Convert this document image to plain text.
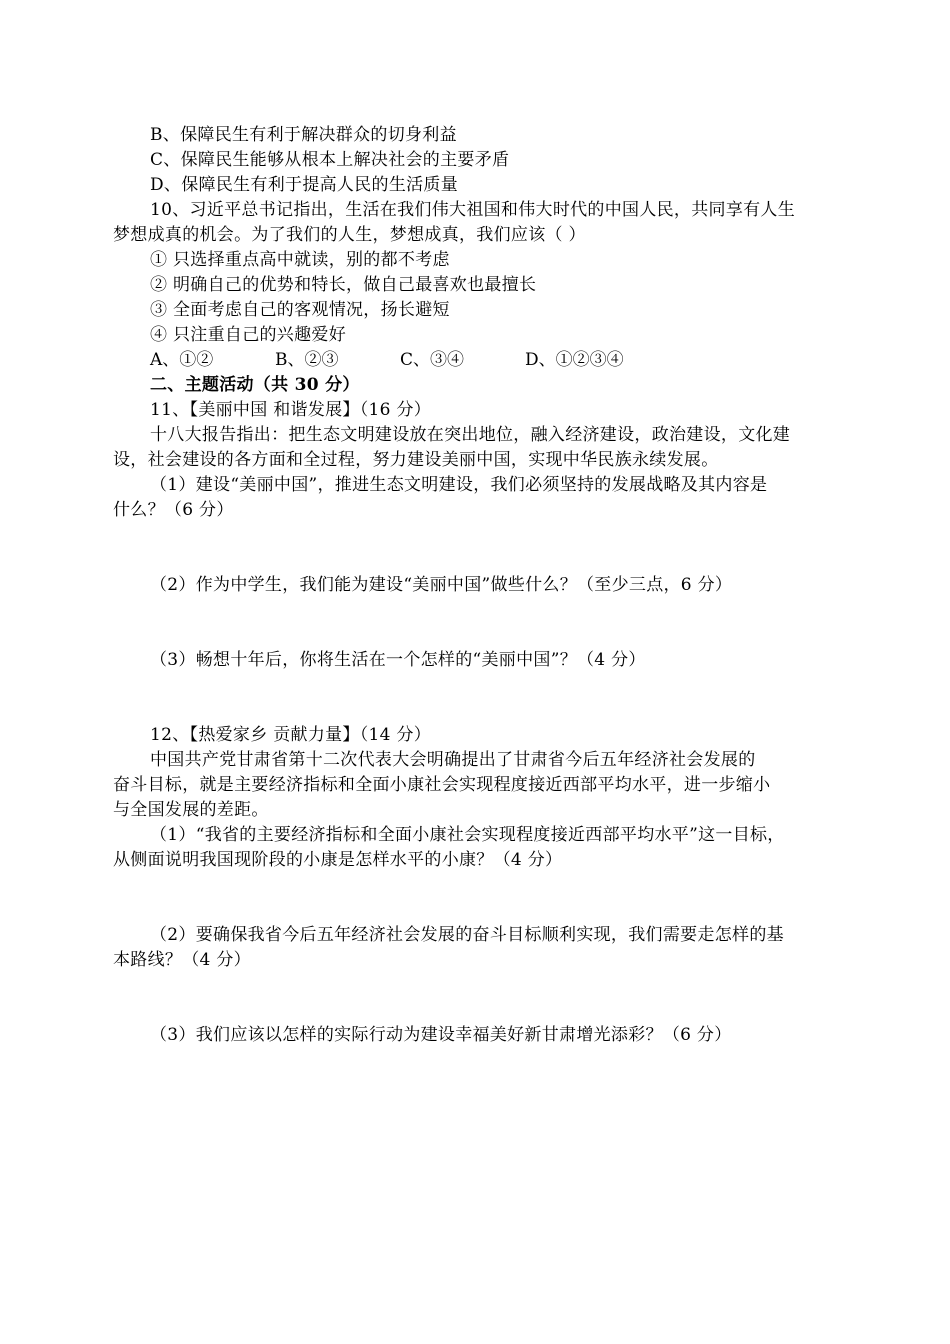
B、保障民生有利于解决群众的切身利益
C、保障民生能够从根本上解决社会的主要矛盾
D、保障民生有利于提高人民的生活质量
10、习近平总书记指出，生活在我们伟大祖国和伟大时代的中国人民，共同享有人生
梦想成真的机会。为了我们的人生，梦想成真，我们应该（ ）
① 只选择重点高中就读，别的都不考虑
② 明确自己的优势和特长，做自己最喜欢也最擅长
③ 全面考虑自己的客观情况，扬长避短
④ 只注重自己的兴趣爱好
A、①②	B、②③	C、③④	D、①②③④
二、主题活动（共 30 分）
11、【美丽中国 和谐发展】（16 分）
十八大报告指出：把生态文明建设放在突出地位，融入经济建设，政治建设，文化建
设，社会建设的各方面和全过程，努力建设美丽中国，实现中华民族永续发展。
（1）建设“美丽中国”，推进生态文明建设，我们必须坚持的发展战略及其内容是
什么？（6 分）
（2）作为中学生，我们能为建设“美丽中国”做些什么？（至少三点，6 分）
（3）畅想十年后，你将生活在一个怎样的“美丽中国”？（4 分）
12、【热爱家乡 贡献力量】（14 分）
中国共产党甘肃省第十二次代表大会明确提出了甘肃省今后五年经济社会发展的
奋斗目标，就是主要经济指标和全面小康社会实现程度接近西部平均水平，进一步缩小
与全国发展的差距。
（1）“我省的主要经济指标和全面小康社会实现程度接近西部平均水平”这一目标，
从侧面说明我国现阶段的小康是怎样水平的小康？（4 分）
（2）要确保我省今后五年经济社会发展的奋斗目标顺利实现，我们需要走怎样的基
本路线？（4 分）
（3）我们应该以怎样的实际行动为建设幸福美好新甘肃增光添彩？（6 分）
